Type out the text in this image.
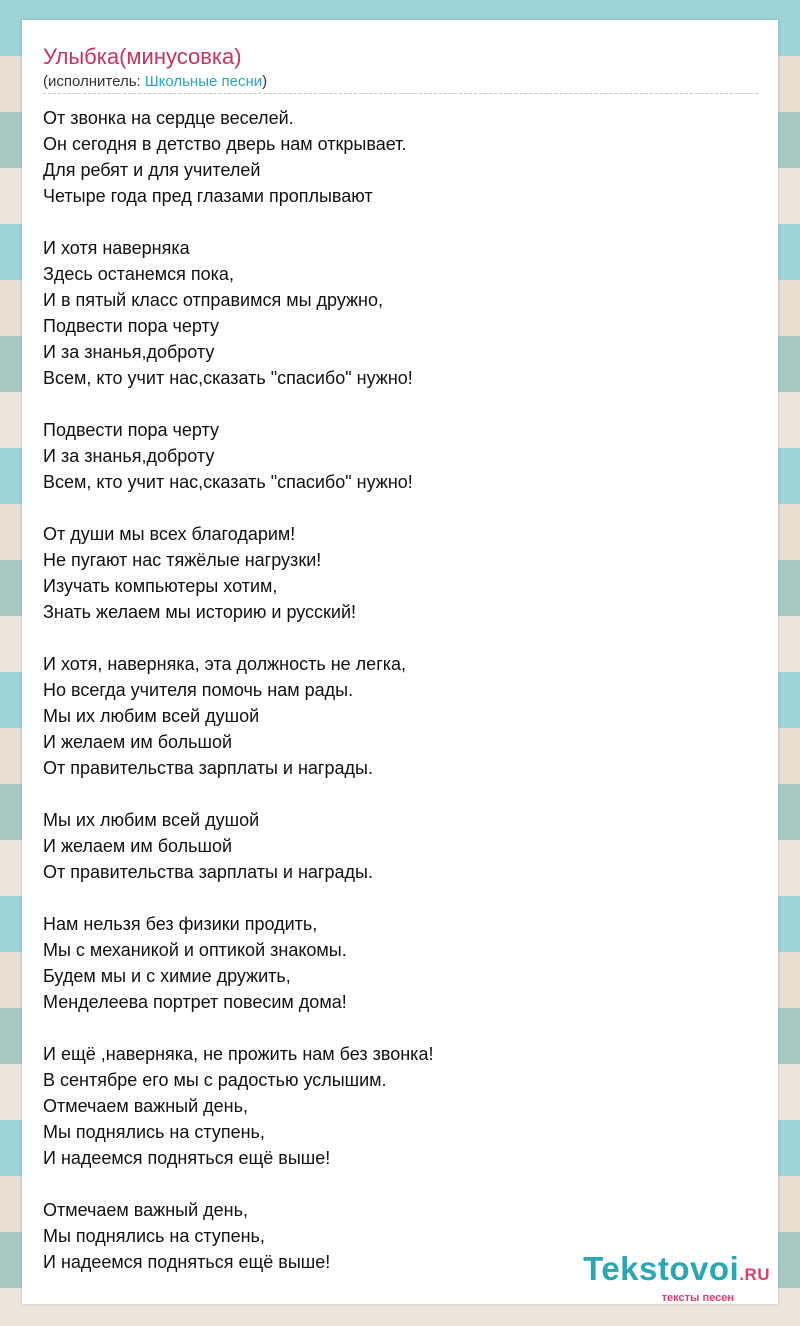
Улыбка(минусовка)
(исполнитель: Школьные песни)
От звонка на сердце веселей.
Он сегодня в детство дверь нам открывает.
Для ребят и для учителей
Четыре года пред глазами проплывают
И хотя наверняка
Здесь останемся пока,
И в пятый класс отправимся мы дружно,
Подвести пора черту
И за знанья,доброту
Всем, кто учит нас,сказать "спасибо" нужно!
Подвести пора черту
И за знанья,доброту
Всем, кто учит нас,сказать "спасибо" нужно!
От души мы всех благодарим!
Не пугают нас тяжёлые нагрузки!
Изучать компьютеры хотим,
Знать желаем мы историю и русский!
И хотя, наверняка, эта должность не легка,
Но всегда учителя помочь нам рады.
Мы их любим всей душой
И желаем им большой
От правительства зарплаты и награды.
Мы их любим всей душой
И желаем им большой
От правительства зарплаты и награды.
Нам нельзя без физики продить,
Мы с механикой и оптикой знакомы.
Будем мы и с химие дружить,
Менделеева портрет повесим дома!
И ещё ,наверняка, не прожить нам без звонка!
В сентябре его мы с радостью услышим.
Отмечаем важный день,
Мы поднялись на ступень,
И надеемся подняться ещё выше!
Отмечаем важный день,
Мы поднялись на ступень,
И надеемся подняться ещё выше!	Tekstovoi.RU
тексты песен
